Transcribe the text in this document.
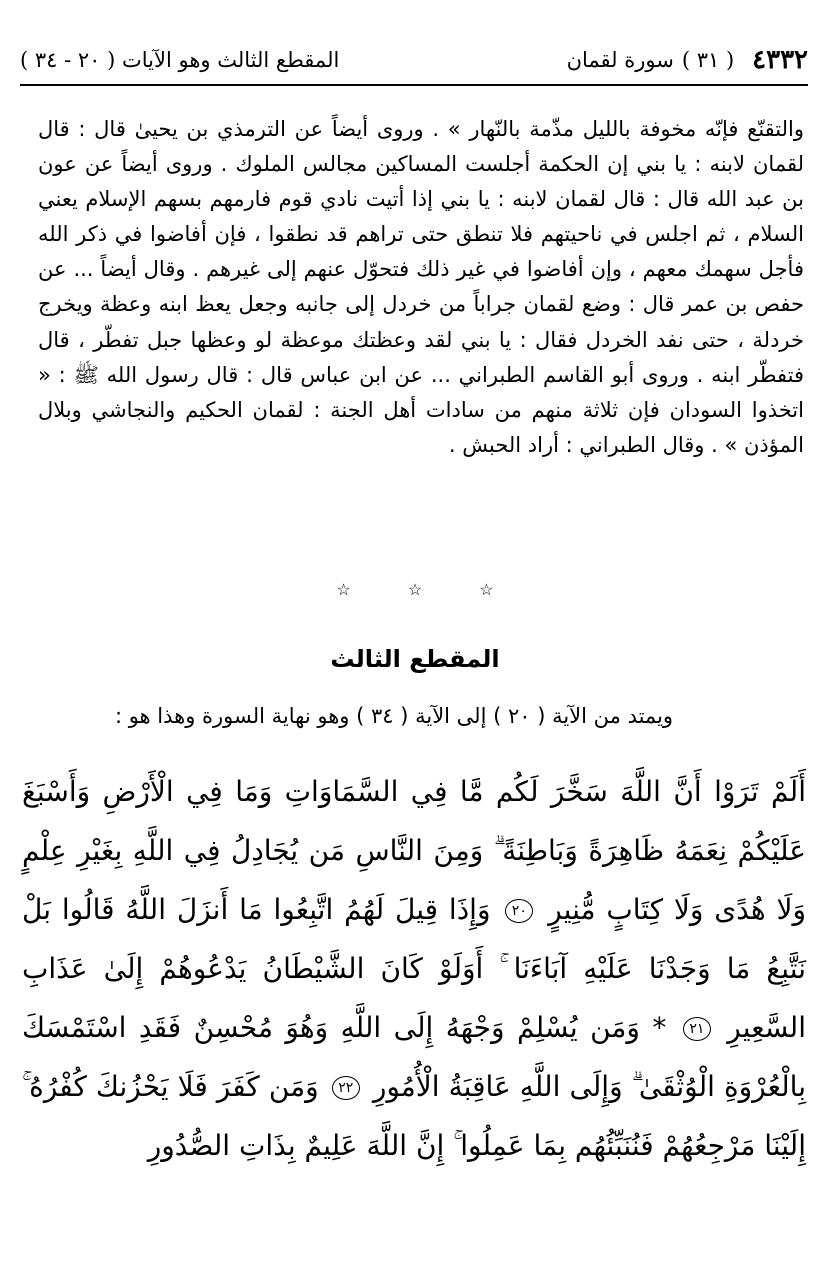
٤٣٣٢
( ٣١ )
سورة لقمان
المقطع الثالث وهو الآيات ( ٢٠ - ٣٤ )

والتقنّع فإنّه مخوفة بالليل مذّمة بالنّهار » . وروى أيضاً عن الترمذي بن يحيىٰ قال : قال لقمان لابنه : يا بني إن الحكمة أجلست المساكين مجالس الملوك . وروى أيضاً عن عون بن عبد الله قال : قال لقمان لابنه : يا بني إذا أتيت نادي قوم فارمهم بسهم الإسلام يعني السلام ، ثم اجلس في ناحيتهم فلا تنطق حتى تراهم قد نطقوا ، فإن أفاضوا في ذكر الله فأجل سهمك معهم ، وإن أفاضوا في غير ذلك فتحوّل عنهم إلى غيرهم . وقال أيضاً ... عن حفص بن عمر قال : وضع لقمان جراباً من خردل إلى جانبه وجعل يعظ ابنه وعظة ويخرج خردلة ، حتى نفد الخردل فقال : يا بني لقد وعظتك موعظة لو وعظها جبل تفطّر ، قال فتفطّر ابنه . وروى أبو القاسم الطبراني ... عن ابن عباس قال : قال رسول الله ﷺ : « اتخذوا السودان فإن ثلاثة منهم من سادات أهل الجنة : لقمان الحكيم والنجاشي وبلال المؤذن » . وقال الطبراني : أراد الحبش .

☆ ☆ ☆
المقطع الثالث
ويمتد من الآية ( ٢٠ ) إلى الآية ( ٣٤ ) وهو نهاية السورة وهذا هو :

أَلَمْ تَرَوْا أَنَّ اللَّهَ سَخَّرَ لَكُم مَّا فِي السَّمَاوَاتِ وَمَا فِي الْأَرْضِ وَأَسْبَغَ عَلَيْكُمْ نِعَمَهُ ظَاهِرَةً وَبَاطِنَةً ۗ وَمِنَ النَّاسِ مَن يُجَادِلُ فِي اللَّهِ بِغَيْرِ عِلْمٍ وَلَا هُدًى وَلَا كِتَابٍ مُّنِيرٍ ٢٠ وَإِذَا قِيلَ لَهُمُ اتَّبِعُوا مَا أَنزَلَ اللَّهُ قَالُوا بَلْ نَتَّبِعُ مَا وَجَدْنَا عَلَيْهِ آبَاءَنَا ۚ أَوَلَوْ كَانَ الشَّيْطَانُ يَدْعُوهُمْ إِلَىٰ عَذَابِ السَّعِيرِ ٢١ * وَمَن يُسْلِمْ وَجْهَهُ إِلَى اللَّهِ وَهُوَ مُحْسِنٌ فَقَدِ اسْتَمْسَكَ بِالْعُرْوَةِ الْوُثْقَىٰ ۗ وَإِلَى اللَّهِ عَاقِبَةُ الْأُمُورِ ٢٢ وَمَن كَفَرَ فَلَا يَحْزُنكَ كُفْرُهُ ۚ إِلَيْنَا مَرْجِعُهُمْ فَنُنَبِّئُهُم بِمَا عَمِلُوا ۚ إِنَّ اللَّهَ عَلِيمٌ بِذَاتِ الصُّدُورِ
